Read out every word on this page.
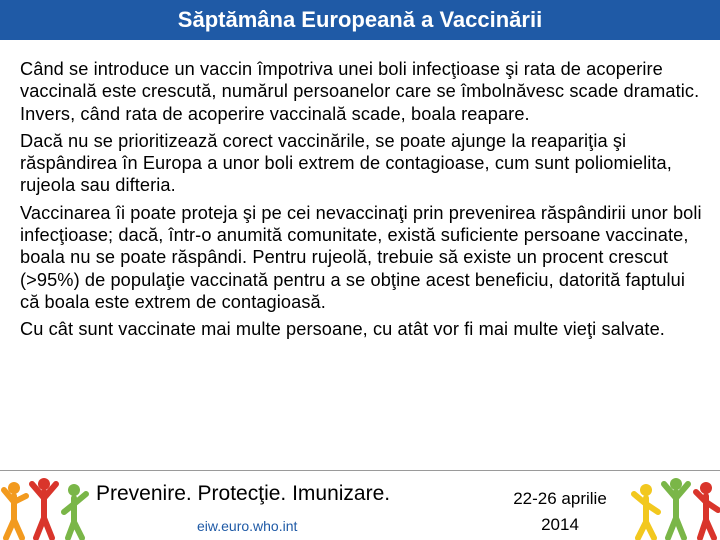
Săptămâna Europeană a Vaccinării

Când se introduce un vaccin împotriva unei boli infecţioase şi rata de acoperire vaccinală este crescută, numărul persoanelor care se îmbolnăvesc scade dramatic. Invers, când rata de acoperire vaccinală scade, boala reapare.

Dacă nu se prioritizează corect vaccinările, se poate ajunge la reapariţia şi răspândirea în Europa a unor boli extrem de contagioase, cum sunt poliomielita, rujeola sau difteria.

Vaccinarea îi poate proteja şi pe cei nevaccinaţi prin prevenirea răspândirii unor boli infecţioase; dacă, într-o anumită comunitate, există suficiente persoane vaccinate, boala nu se poate răspândi. Pentru rujeolă, trebuie să existe un procent crescut (>95%) de populaţie vaccinată pentru a se obţine acest beneficiu, datorită faptului că boala este extrem de contagioasă.

Cu cât sunt vaccinate mai multe persoane, cu atât vor fi mai multe vieţi salvate.

Prevenire. Protecţie. Imunizare.
eiw.euro.who.int
22-26 aprilie
2014
